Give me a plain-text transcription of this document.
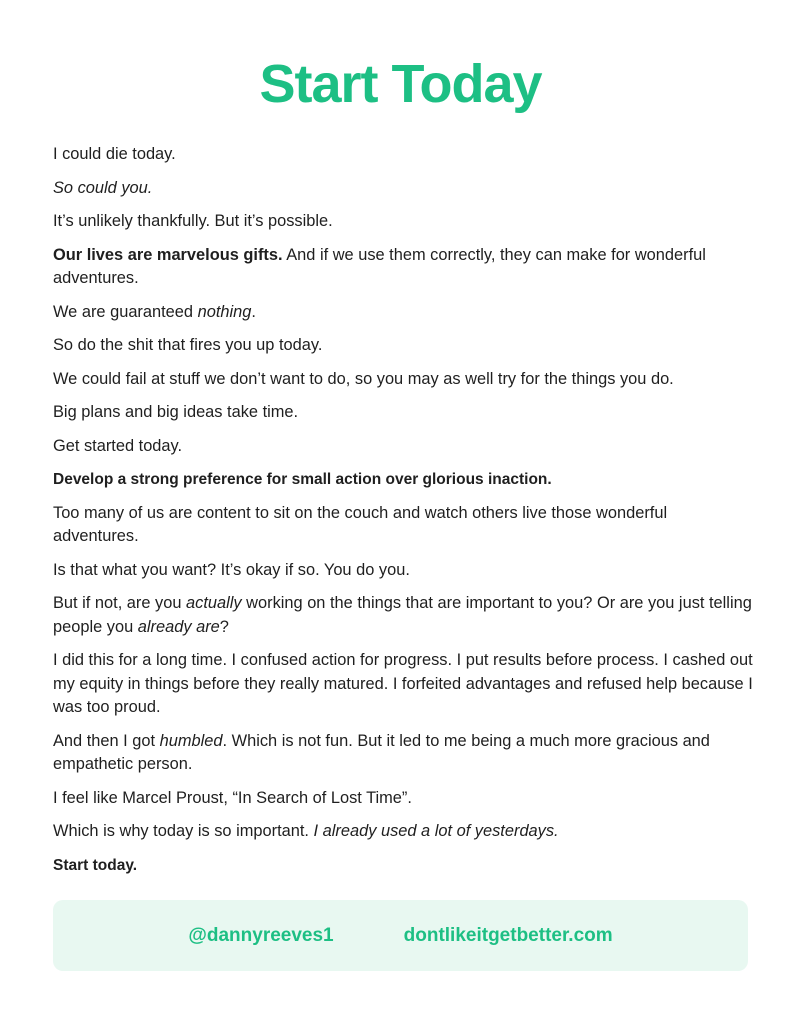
Start Today

I could die today.

So could you.

It’s unlikely thankfully. But it’s possible.

Our lives are marvelous gifts. And if we use them correctly, they can make for wonderful adventures.

We are guaranteed nothing.

So do the shit that fires you up today.

We could fail at stuff we don’t want to do, so you may as well try for the things you do.

Big plans and big ideas take time.

Get started today.

Develop a strong preference for small action over glorious inaction.

Too many of us are content to sit on the couch and watch others live those wonderful adventures.

Is that what you want? It’s okay if so. You do you.

But if not, are you actually working on the things that are important to you? Or are you just telling people you already are?

I did this for a long time. I confused action for progress. I put results before process. I cashed out my equity in things before they really matured. I forfeited advantages and refused help because I was too proud.

And then I got humbled. Which is not fun. But it led to me being a much more gracious and empathetic person.

I feel like Marcel Proust, “In Search of Lost Time”.

Which is why today is so important. I already used a lot of yesterdays.

Start today.

@dannyreeves1	dontlikeitgetbetter.com
